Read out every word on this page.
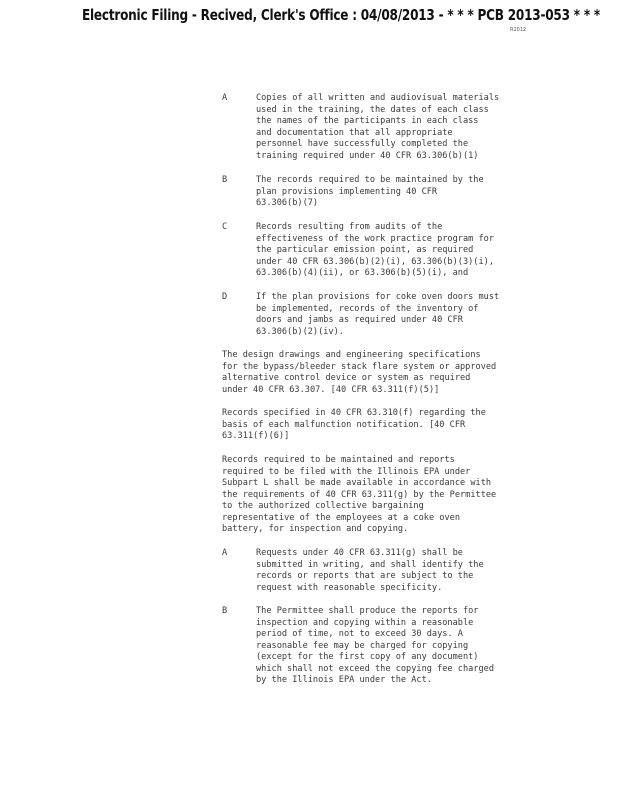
Electronic Filing - Recived, Clerk's Office : 04/08/2013 - * * * PCB 2013-053 * * *
R2012

A

	Copies of all written and audiovisual materials
used in the training, the dates of each class
the names of the participants in each class
and documentation that all appropriate
personnel have successfully completed the
training required under 40 CFR 63.306(b)(1)

B

	The records required to be maintained by the
plan provisions implementing 40 CFR
63.306(b)(7)

C

	Records resulting from audits of the
effectiveness of the work practice program for
the particular emission point, as required
under 40 CFR 63.306(b)(2)(i), 63.306(b)(3)(i),
63.306(b)(4)(ii), or 63.306(b)(5)(i), and

D

	If the plan provisions for coke oven doors must
be implemented, records of the inventory of
doors and jambs as required under 40 CFR
63.306(b)(2)(iv).

The design drawings and engineering specifications
for the bypass/bleeder stack flare system or approved
alternative control device or system as required
under 40 CFR 63.307. [40 CFR 63.311(f)(5)]
Records specified in 40 CFR 63.310(f) regarding the
basis of each malfunction notification. [40 CFR
63.311(f)(6)]
Records required to be maintained and reports
required to be filed with the Illinois EPA under
Subpart L shall be made available in accordance with
the requirements of 40 CFR 63.311(g) by the Permittee
to the authorized collective bargaining
representative of the employees at a coke oven
battery, for inspection and copying.

A

	Requests under 40 CFR 63.311(g) shall be
submitted in writing, and shall identify the
records or reports that are subject to the
request with reasonable specificity.

B

	The Permittee shall produce the reports for
inspection and copying within a reasonable
period of time, not to exceed 30 days. A
reasonable fee may be charged for copying
(except for the first copy of any document)
which shall not exceed the copying fee charged
by the Illinois EPA under the Act.
